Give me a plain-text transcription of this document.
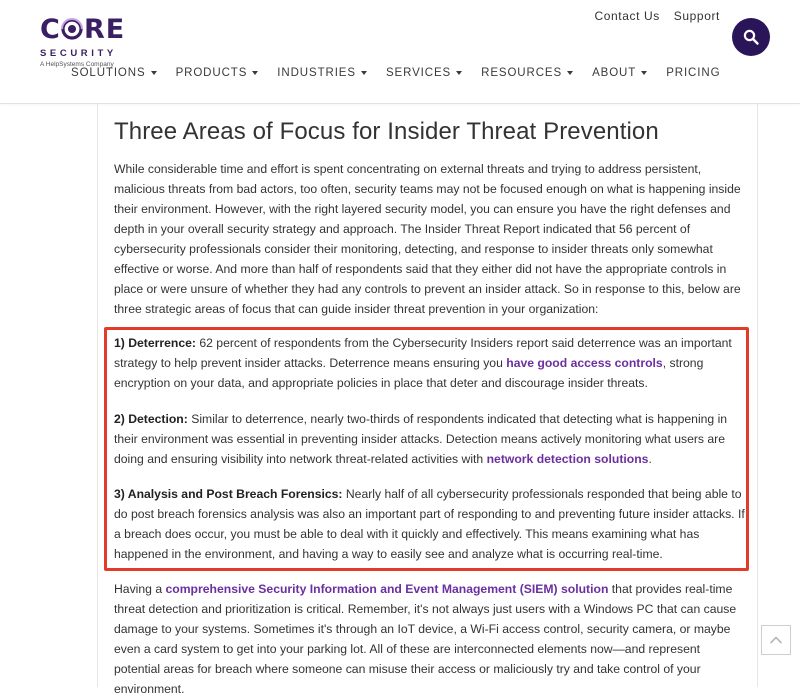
C RE
SECURITY
A HelpSystems Company
Contact Us Support
SOLUTIONS	PRODUCTS	INDUSTRIES	SERVICES	RESOURCES	ABOUT	PRICING
Three Areas of Focus for Insider Threat Prevention

While considerable time and effort is spent concentrating on external threats and trying to address persistent, malicious threats from bad actors, too often, security teams may not be focused enough on what is happening inside their environment. However, with the right layered security model, you can ensure you have the right defenses and depth in your overall security strategy and approach. The Insider Threat Report indicated that 56 percent of cybersecurity professionals consider their monitoring, detecting, and response to insider threats only somewhat effective or worse. And more than half of respondents said that they either did not have the appropriate controls in place or were unsure of whether they had any controls to prevent an insider attack. So in response to this, below are three strategic areas of focus that can guide insider threat prevention in your organization:

1) Deterrence: 62 percent of respondents from the Cybersecurity Insiders report said deterrence was an important strategy to help prevent insider attacks. Deterrence means ensuring you have good access controls, strong encryption on your data, and appropriate policies in place that deter and discourage insider threats.

2) Detection: Similar to deterrence, nearly two-thirds of respondents indicated that detecting what is happening in their environment was essential in preventing insider attacks. Detection means actively monitoring what users are doing and ensuring visibility into network threat-related activities with network detection solutions.

3) Analysis and Post Breach Forensics: Nearly half of all cybersecurity professionals responded that being able to do post breach forensics analysis was also an important part of responding to and preventing future insider attacks. If a breach does occur, you must be able to deal with it quickly and effectively. This means examining what has happened in the environment, and having a way to easily see and analyze what is occurring real-time.

Having a comprehensive Security Information and Event Management (SIEM) solution that provides real-time threat detection and prioritization is critical. Remember, it's not always just users with a Windows PC that can cause damage to your systems. Sometimes it's through an IoT device, a Wi-Fi access control, security camera, or maybe even a card system to get into your parking lot. All of these are interconnected elements now—and represent potential areas for breach where someone can misuse their access or maliciously try and take control of your environment.
